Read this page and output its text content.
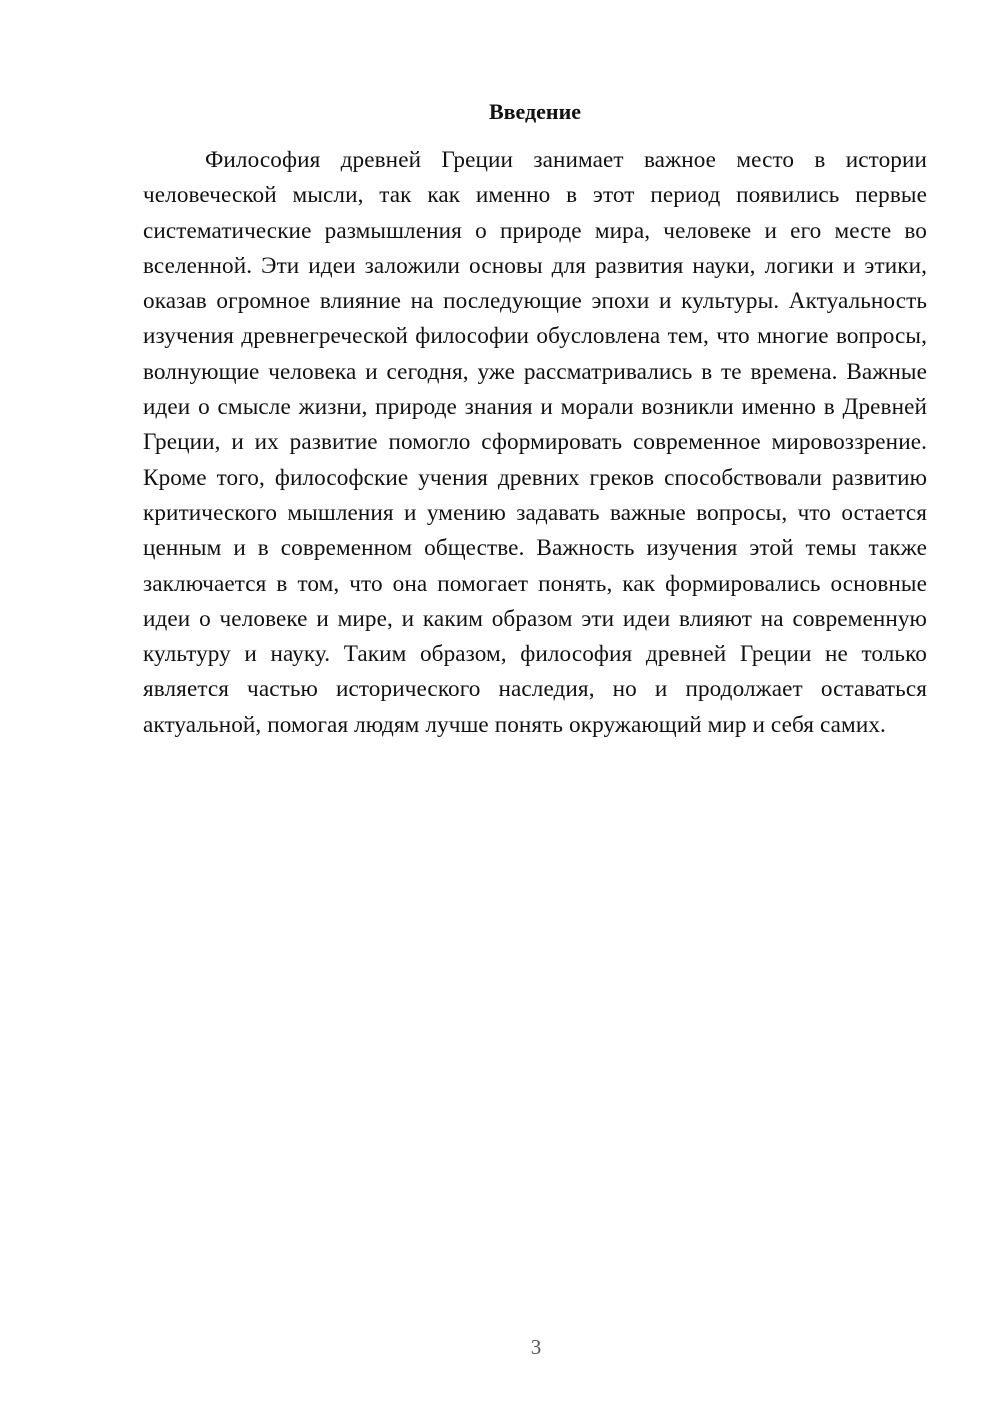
Введение

Философия древней Греции занимает важное место в истории человеческой мысли, так как именно в этот период появились первые систематические размышления о природе мира, человеке и его месте во вселенной. Эти идеи заложили основы для развития науки, логики и этики, оказав огромное влияние на последующие эпохи и культуры. Актуальность изучения древнегреческой философии обусловлена тем, что многие вопросы, волнующие человека и сегодня, уже рассматривались в те времена. Важные идеи о смысле жизни, природе знания и морали возникли именно в Древней Греции, и их развитие помогло сформировать современное мировоззрение. Кроме того, философские учения древних греков способствовали развитию критического мышления и умению задавать важные вопросы, что остается ценным и в современном обществе. Важность изучения этой темы также заключается в том, что она помогает понять, как формировались основные идеи о человеке и мире, и каким образом эти идеи влияют на современную культуру и науку. Таким образом, философия древней Греции не только является частью исторического наследия, но и продолжает оставаться актуальной, помогая людям лучше понять окружающий мир и себя самих.

3
